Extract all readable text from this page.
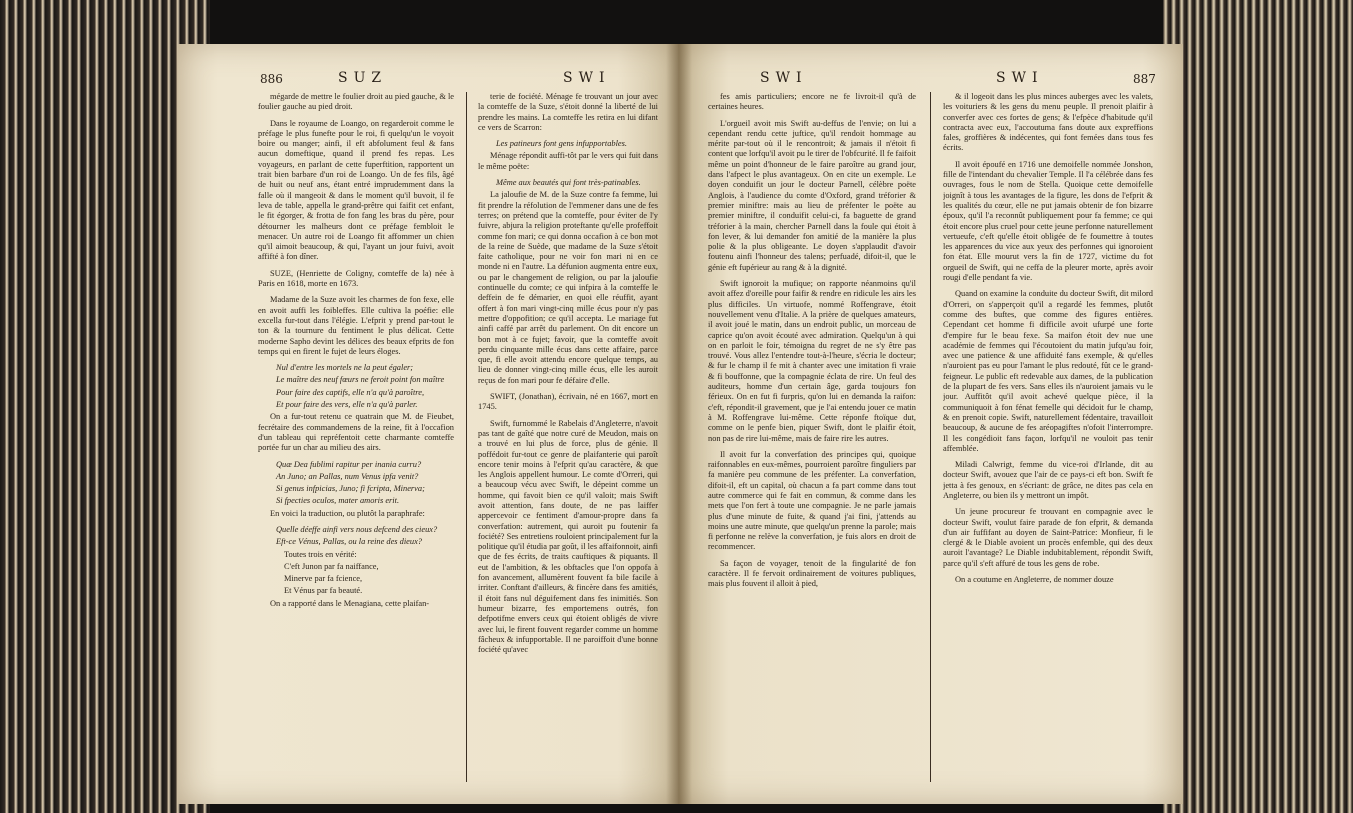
886	SUZ	SWI

mégarde de mettre le foulier droit au pied gauche, & le foulier gauche au pied droit.

Dans le royaume de Loango, on regarderoit comme le préfage le plus funefte pour le roi, fi quelqu'un le voyoit boire ou manger; ainfi, il eft abfolument feul & fans aucun domeftique, quand il prend fes repas. Les voyageurs, en parlant de cette fuperftition, rapportent un trait bien barbare d'un roi de Loango. Un de fes fils, âgé de huit ou neuf ans, étant entré imprudemment dans la falle où il mangeoit & dans le moment qu'il buvoit, il fe leva de table, appella le grand-prêtre qui faifit cet enfant, le fit égorger, & frotta de fon fang les bras du père, pour détourner les malheurs dont ce préfage fembloit le menacer. Un autre roi de Loango fit affommer un chien qu'il aimoit beaucoup, & qui, l'ayant un jour fuivi, avoit affifté à fon dîner.

SUZE, (Henriette de Coligny, comteffe de la) née à Paris en 1618, morte en 1673.

Madame de la Suze avoit les charmes de fon fexe, elle en avoit auffi les foibleffes. Elle cultiva la poéfie: elle excella fur-tout dans l'élégie. L'efprit y prend par-tout le ton & la tournure du fentiment le plus délicat. Cette moderne Sapho devint les délices des beaux efprits de fon temps qui en firent le fujet de leurs éloges.

Nul d'entre les mortels ne la peut égaler;

Le maître des neuf fœurs ne feroit point fon maître

Pour faire des captifs, elle n'a qu'à paroître,

Et pour faire des vers, elle n'a qu'à parler.

On a fur-tout retenu ce quatrain que M. de Fieubet, fecrétaire des commandemens de la reine, fit à l'occafion d'un tableau qui repréfentoit cette charmante comteffe portée fur un char au milieu des airs.

Quæ Dea fublimi rapitur per inania curru?

An Juno; an Pallas, num Venus ipfa venit?

Si genus infpicias, Juno; fi fcripta, Minerva;

Si fpecties oculos, mater amoris erit.

En voici la traduction, ou plutôt la paraphrafe:

Quelle déeffe ainfi vers nous defcend des cieux?

Eft-ce Vénus, Pallas, ou la reine des dieux?

Toutes trois en vérité:

C'eft Junon par fa naiffance,

Minerve par fa fcience,

Et Vénus par fa beauté.

On a rapporté dans le Menagiana, cette plaifan-

terie de fociété. Ménage fe trouvant un jour avec la comteffe de la Suze, s'étoit donné la liberté de lui prendre les mains. La comteffe les retira en lui difant ce vers de Scarron:

Les patineurs font gens infupportables.

Ménage répondit auffi-tôt par le vers qui fuit dans le même poëte:

Même aux beautés qui font très-patinables.

La jaloufie de M. de la Suze contre fa femme, lui fit prendre la réfolution de l'emmener dans une de fes terres; on prétend que la comteffe, pour éviter de l'y fuivre, abjura la religion proteftante qu'elle profeffoit comme fon mari; ce qui donna occafion à ce bon mot de la reine de Suède, que madame de la Suze s'étoit faite catholique, pour ne voir fon mari ni en ce monde ni en l'autre. La défunion augmenta entre eux, ou par le changement de religion, ou par la jaloufie continuelle du comte; ce qui infpira à la comteffe le deffein de fe démarier, en quoi elle réuffit, ayant offert à fon mari vingt-cinq mille écus pour n'y pas mettre d'oppofition; ce qu'il accepta. Le mariage fut ainfi caffé par arrêt du parlement. On dit encore un bon mot à ce fujet; favoir, que la comteffe avoit perdu cinquante mille écus dans cette affaire, parce que, fi elle avoit attendu encore quelque temps, au lieu de donner vingt-cinq mille écus, elle les auroit reçus de fon mari pour fe défaire d'elle.

SWIFT, (Jonathan), écrivain, né en 1667, mort en 1745.

Swift, furnommé le Rabelais d'Angleterre, n'avoit pas tant de gaîté que notre curé de Meudon, mais on a trouvé en lui plus de force, plus de génie. Il poffédoit fur-tout ce genre de plaifanterie qui paroît encore tenir moins à l'efprit qu'au caractère, & que les Anglois appellent humour. Le comte d'Orreri, qui a beaucoup vécu avec Swift, le dépeint comme un homme, qui favoit bien ce qu'il valoit; mais Swift avoit attention, fans doute, de ne pas laiffer appercevoir ce fentiment d'amour-propre dans fa converfation: autrement, qui auroit pu foutenir fa fociété? Ses entretiens rouloient principalement fur la politique qu'il étudia par goût, il les affaifonnoit, ainfi que de fes écrits, de traits cauftiques & piquants. Il eut de l'ambition, & les obftacles que l'on oppofa à fon avancement, allumèrent fouvent fa bile facile à irriter. Conftant d'ailleurs, & fincère dans fes amitiés, il étoit fans nul déguifement dans fes inimitiés. Son humeur bizarre, fes emportemens outrés, fon defpotifme envers ceux qui étoient obligés de vivre avec lui, le firent fouvent regarder comme un homme fâcheux & infupportable. Il ne paroiffoit d'une bonne fociété qu'avec

SWI	SWI	887

fes amis particuliers; encore ne fe livroit-il qu'à de certaines heures.

L'orgueil avoit mis Swift au-deffus de l'envie; on lui a cependant rendu cette juftice, qu'il rendoit hommage au mérite par-tout où il le rencontroit; & jamais il n'étoit fi content que lorfqu'il avoit pu le tirer de l'obfcurité. Il fe faifoit même un point d'honneur de le faire paroître au grand jour, dans l'afpect le plus avantageux. On en cite un exemple. Le doyen conduifit un jour le docteur Parnell, célèbre poëte Anglois, à l'audience du comte d'Oxford, grand tréforier & premier miniftre: mais au lieu de préfenter le poëte au premier miniftre, il conduifit celui-ci, fa baguette de grand tréforier à la main, chercher Parnell dans la foule qui étoit à fon lever, & lui demander fon amitié de la manière la plus polie & la plus obligeante. Le doyen s'applaudit d'avoir foutenu ainfi l'honneur des talens; perfuadé, difoit-il, que le génie eft fupérieur au rang & à la dignité.

Swift ignoroit la mufique; on rapporte néanmoins qu'il avoit affez d'oreille pour faifir & rendre en ridicule les airs les plus difficiles. Un virtuofe, nommé Roffengrave, étoit nouvellement venu d'Italie. A la prière de quelques amateurs, il avoit joué le matin, dans un endroit public, un morceau de caprice qu'on avoit écouté avec admiration. Quelqu'un à qui on en parloit le foir, témoigna du regret de ne s'y être pas trouvé. Vous allez l'entendre tout-à-l'heure, s'écria le docteur; & fur le champ il fe mit à chanter avec une imitation fi vraie & fi bouffonne, que la compagnie éclata de rire. Un feul des auditeurs, homme d'un certain âge, garda toujours fon férieux. On en fut fi furpris, qu'on lui en demanda la raifon: c'eft, répondit-il gravement, que je l'ai entendu jouer ce matin à M. Roffengrave lui-même. Cette réponfe ftoïque dut, comme on le penfe bien, piquer Swift, dont le plaifir étoit, non pas de rire lui-même, mais de faire rire les autres.

Il avoit fur la converfation des principes qui, quoique raifonnables en eux-mêmes, pourroient paroître finguliers par fa manière peu commune de les préfenter. La converfation, difoit-il, eft un capital, où chacun a fa part comme dans tout autre commerce qui fe fait en commun, & comme dans les mets que l'on fert à toute une compagnie. Je ne parle jamais plus d'une minute de fuite, & quand j'ai fini, j'attends au moins une autre minute, que quelqu'un prenne la parole; mais fi perfonne ne relève la converfation, je fuis alors en droit de recommencer.

Sa façon de voyager, tenoit de la fingularité de fon caractère. Il fe fervoit ordinairement de voitures publiques, mais plus fouvent il alloit à pied,

& il logeoit dans les plus minces auberges avec les valets, les voituriers & les gens du menu peuple. Il prenoit plaifir à converfer avec ces fortes de gens; & l'efpèce d'habitude qu'il contracta avec eux, l'accoutuma fans doute aux expreffions fales, groffières & indécentes, qui font femées dans tous fes écrits.

Il avoit époufé en 1716 une demoifelle nommée Jonshon, fille de l'intendant du chevalier Temple. Il l'a célébrée dans fes ouvrages, fous le nom de Stella. Quoique cette demoifelle joignît à tous les avantages de la figure, les dons de l'efprit & les qualités du cœur, elle ne put jamais obtenir de fon bizarre époux, qu'il l'a reconnût publiquement pour fa femme; ce qui étoit encore plus cruel pour cette jeune perfonne naturellement vertueufe, c'eft qu'elle étoit obligée de fe foumettre à toutes les apparences du vice aux yeux des perfonnes qui ignoroient fon état. Elle mourut vers la fin de 1727, victime du fot orgueil de Swift, qui ne ceffa de la pleurer morte, après avoir rougi d'elle pendant fa vie.

Quand on examine la conduite du docteur Swift, dit milord d'Orreri, on s'apperçoit qu'il a regardé les femmes, plutôt comme des buftes, que comme des figures entières. Cependant cet homme fi difficile avoit ufurpé une forte d'empire fur le beau fexe. Sa maifon étoit dev nue une académie de femmes qui l'écoutoient du matin jufqu'au foir, avec une patience & une affiduité fans exemple, & qu'elles n'auroient pas eu pour l'amant le plus redouté, fût ce le grand-feigneur. Le public eft redevable aux dames, de la publication de la plupart de fes vers. Sans elles ils n'auroient jamais vu le jour. Auffitôt qu'il avoit achevé quelque pièce, il la communiquoit à fon fénat femelle qui décidoit fur le champ, & en prenoit copie. Swift, naturellement fédentaire, travailloit beaucoup, & aucune de fes aréopagiftes n'ofoit l'interrompre. Il les congédioit fans façon, lorfqu'il ne vouloit pas tenir affemblée.

Miladi Calwrigt, femme du vice-roi d'Irlande, dit au docteur Swift, avouez que l'air de ce pays-ci eft bon. Swift fe jetta à fes genoux, en s'écriant: de grâce, ne dites pas cela en Angleterre, ou bien ils y mettront un impôt.

Un jeune procureur fe trouvant en compagnie avec le docteur Swift, voulut faire parade de fon efprit, & demanda d'un air fuffifant au doyen de Saint-Patrice: Monfieur, fi le clergé & le Diable avoient un procès enfemble, qui des deux auroit l'avantage? Le Diable indubitablement, répondit Swift, parce qu'il s'eft affuré de tous les gens de robe.

On a coutume en Angleterre, de nommer douze
